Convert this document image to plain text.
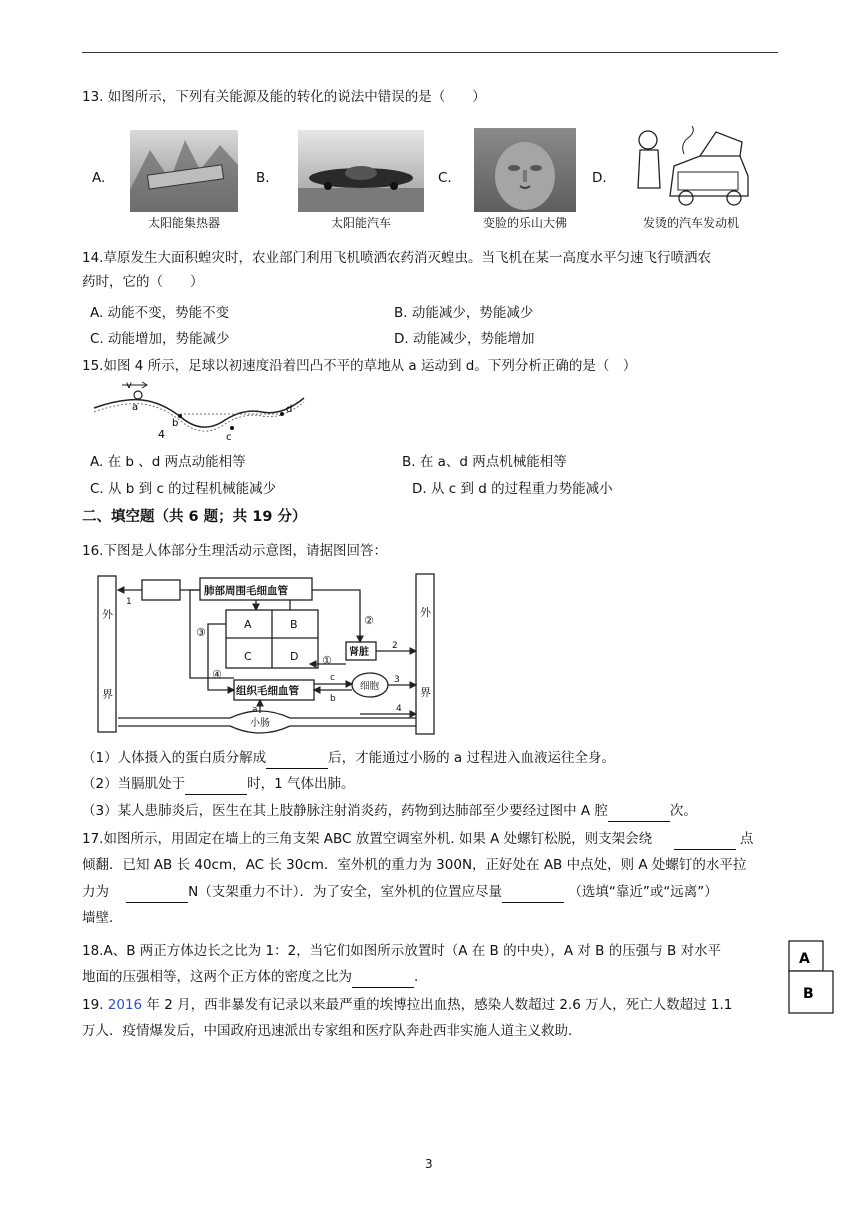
13. 如图所示，下列有关能源及能的转化的说法中错误的是（　　）
A.
太阳能集热器
B.
太阳能汽车
C.
变脸的乐山大佛
D.
发烫的汽车发动机
14.草原发生大面积蝗灾时，农业部门利用飞机喷洒农药消灭蝗虫。当飞机在某一高度水平匀速飞行喷洒农
药时，它的（　　）
A. 动能不变，势能不变	B. 动能减少，势能减少
C. 动能增加，势能减少	D. 动能减少，势能增加
15.如图 4 所示，足球以初速度沿着凹凸不平的草地从 a 运动到 d。下列分析正确的是（　）
v
a
b
c
d
4
A. 在 b 、d 两点动能相等	B. 在 a、d 两点机械能相等
C. 从 b 到 c 的过程机械能减少	D. 从 c 到 d 的过程重力势能减小
二、填空题（共 6 题；共 19 分）
16.下图是人体部分生理活动示意图，请据图回答：
外
界
外
界
肺部周围毛细血管
组织毛细血管
肾脏
细胞
小肠
A	B
C	D
1
2
3
4
①
②
③
④
a
b
c
（1）人体摄入的蛋白质分解成	后，才能通过小肠的 a 过程进入血液运往全身。
（2）当膈肌处于	时，1 气体出肺。
（3）某人患肺炎后，医生在其上肢静脉注射消炎药，药物到达肺部至少要经过图中 A 腔	次。
17.如图所示，用固定在墙上的三角支架 ABC 放置空调室外机. 如果 A 处螺钉松脱，则支架会绕	点
倾翻．已知 AB 长 40cm，AC 长 30cm．室外机的重力为 300N，正好处在 AB 中点处，则 A 处螺钉的水平拉
力为	N（支架重力不计）．为了安全，室外机的位置应尽量	（选填“靠近”或“远离”）
墙壁．
18.A、B 两正方体边长之比为 1：2，当它们如图所示放置时（A 在 B 的中央），A 对 B 的压强与 B 对水平
地面的压强相等，这两个正方体的密度之比为	.
A
B
19. 2016 年 2 月，西非暴发有记录以来最严重的埃博拉出血热，感染人数超过 2.6 万人，死亡人数超过 1.1
万人．疫情爆发后，中国政府迅速派出专家组和医疗队奔赴西非实施人道主义救助.
3
